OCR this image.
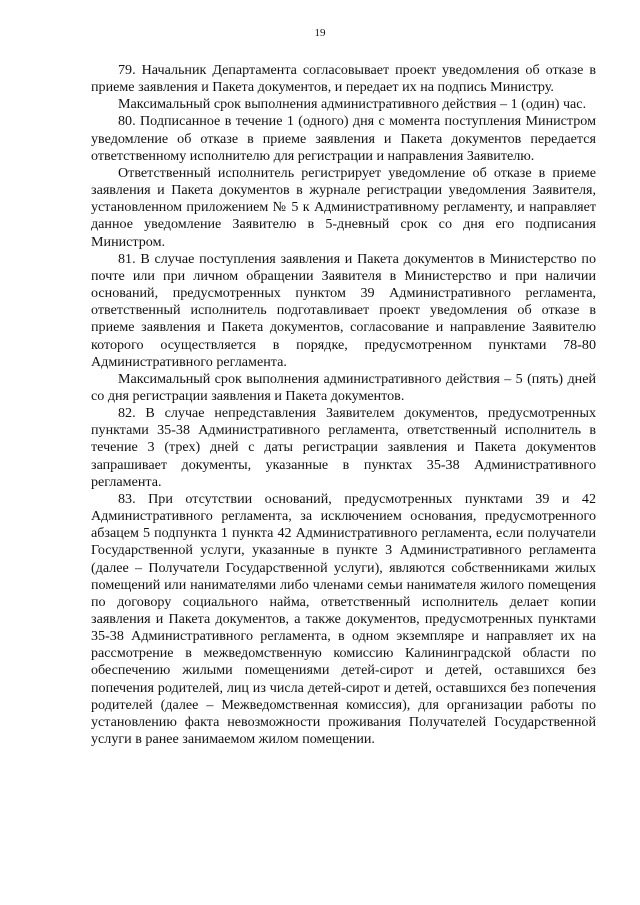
19

79. Начальник Департамента согласовывает проект уведомления об отказе в приеме заявления и Пакета документов, и передает их на подпись Министру.

Максимальный срок выполнения административного действия – 1 (один) час.

80. Подписанное в течение 1 (одного) дня с момента поступления Министром уведомление об отказе в приеме заявления и Пакета документов передается ответственному исполнителю для регистрации и направления Заявителю.

Ответственный исполнитель регистрирует уведомление об отказе в приеме заявления и Пакета документов в журнале регистрации уведомления Заявителя, установленном приложением № 5 к Административному регламенту, и направляет данное уведомление Заявителю в 5-дневный срок со дня его подписания Министром.

81. В случае поступления заявления и Пакета документов в Министерство по почте или при личном обращении Заявителя в Министерство и при наличии оснований, предусмотренных пунктом 39 Административного регламента, ответственный исполнитель подготавливает проект уведомления об отказе в приеме заявления и Пакета документов, согласование и направление Заявителю которого осуществляется в порядке, предусмотренном пунктами 78-80 Административного регламента.

Максимальный срок выполнения административного действия – 5 (пять) дней со дня регистрации заявления и Пакета документов.

82. В случае непредставления Заявителем документов, предусмотренных пунктами 35-38 Административного регламента, ответственный исполнитель в течение 3 (трех) дней с даты регистрации заявления и Пакета документов запрашивает документы, указанные в пунктах 35-38 Административного регламента.

83. При отсутствии оснований, предусмотренных пунктами 39 и 42 Административного регламента, за исключением основания, предусмотренного абзацем 5 подпункта 1 пункта 42 Административного регламента, если получатели Государственной услуги, указанные в пункте 3 Административного регламента (далее – Получатели Государственной услуги), являются собственниками жилых помещений или нанимателями либо членами семьи нанимателя жилого помещения по договору социального найма, ответственный исполнитель делает копии заявления и Пакета документов, а также документов, предусмотренных пунктами 35-38 Административного регламента, в одном экземпляре и направляет их на рассмотрение в межведомственную комиссию Калининградской области по обеспечению жилыми помещениями детей-сирот и детей, оставшихся без попечения родителей, лиц из числа детей-сирот и детей, оставшихся без попечения родителей (далее – Межведомственная комиссия), для организации работы по установлению факта невозможности проживания Получателей Государственной услуги в ранее занимаемом жилом помещении.
